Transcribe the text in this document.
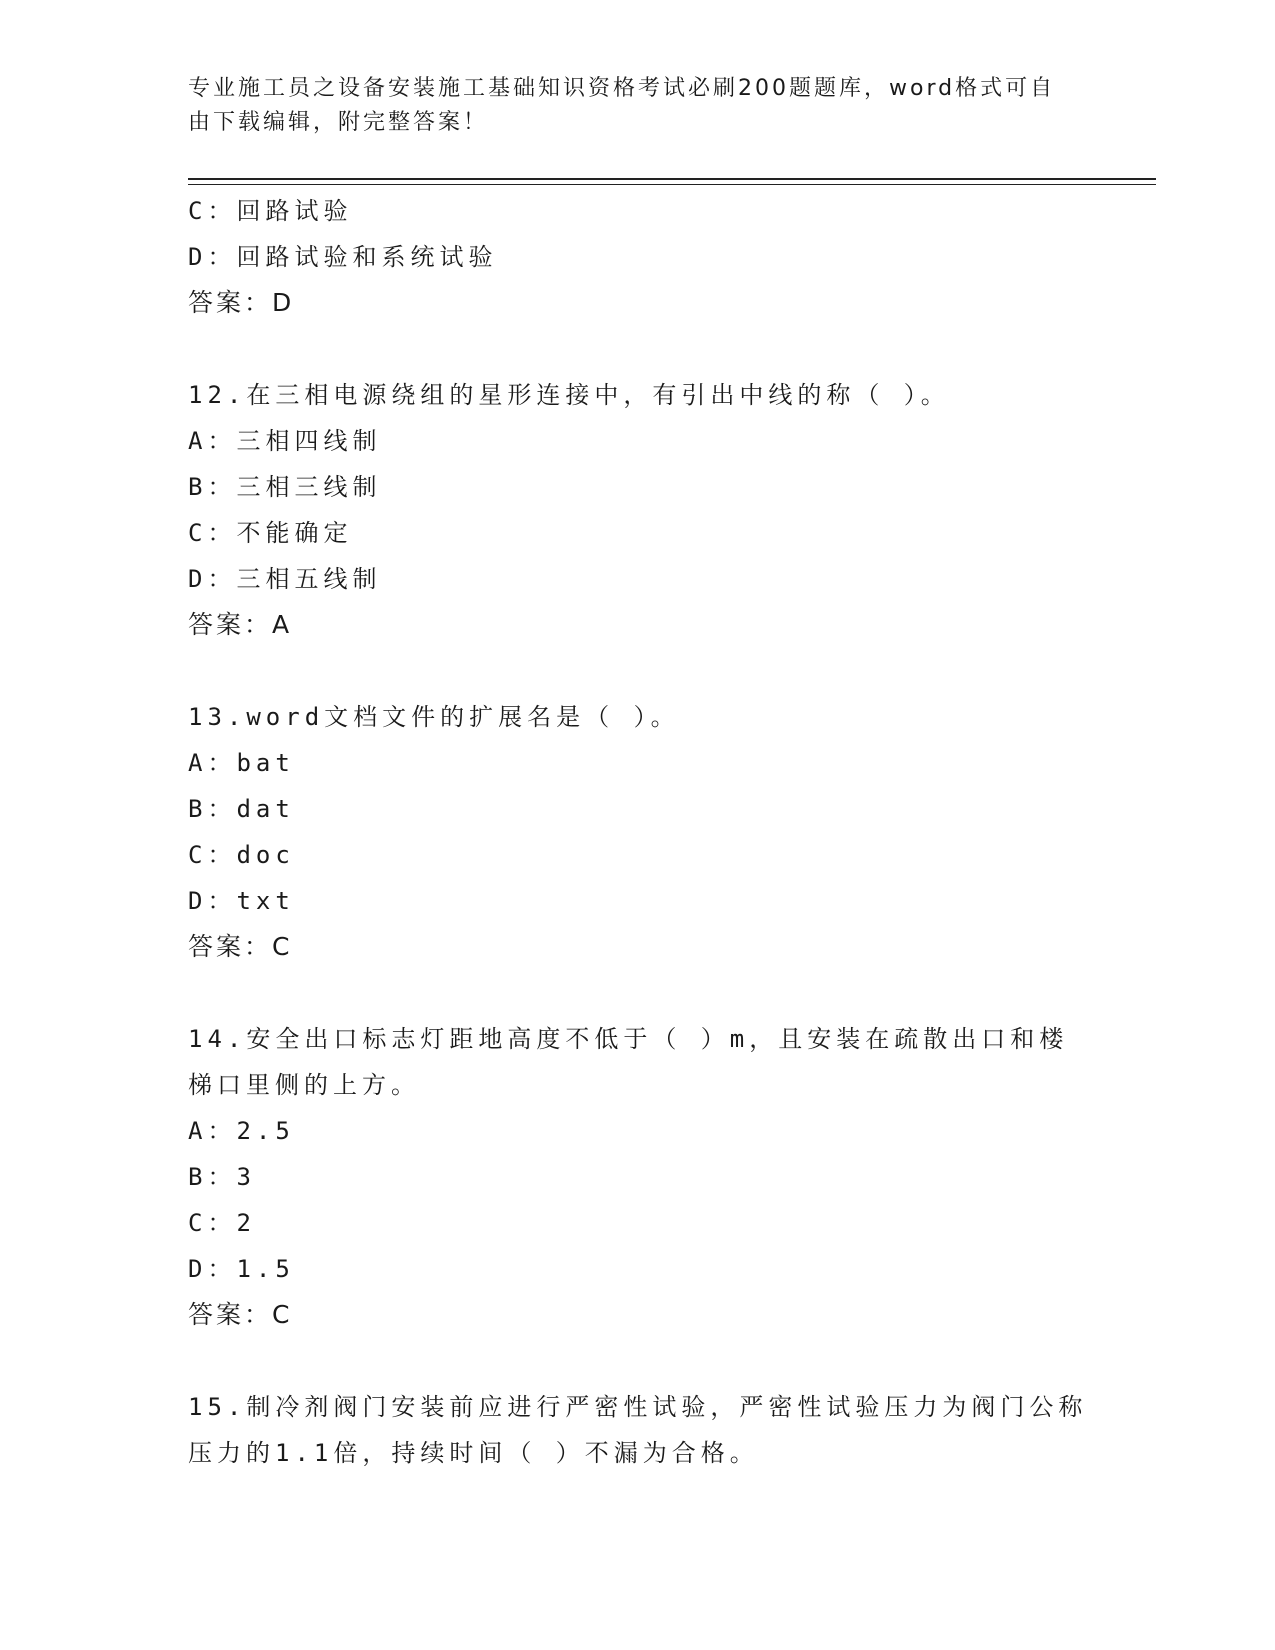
专业施工员之设备安装施工基础知识资格考试必刷200题题库，word格式可自由下载编辑，附完整答案！
C：回路试验
D：回路试验和系统试验
答案：D
12.在三相电源绕组的星形连接中，有引出中线的称（ ）。
A：三相四线制
B：三相三线制
C：不能确定
D：三相五线制
答案：A
13.word文档文件的扩展名是（ ）。
A：bat
B：dat
C：doc
D：txt
答案：C
14.安全出口标志灯距地高度不低于（ ）m，且安装在疏散出口和楼梯口里侧的上方。
A：2.5
B：3
C：2
D：1.5
答案：C
15.制冷剂阀门安装前应进行严密性试验，严密性试验压力为阀门公称压力的1.1倍，持续时间（ ）不漏为合格。
